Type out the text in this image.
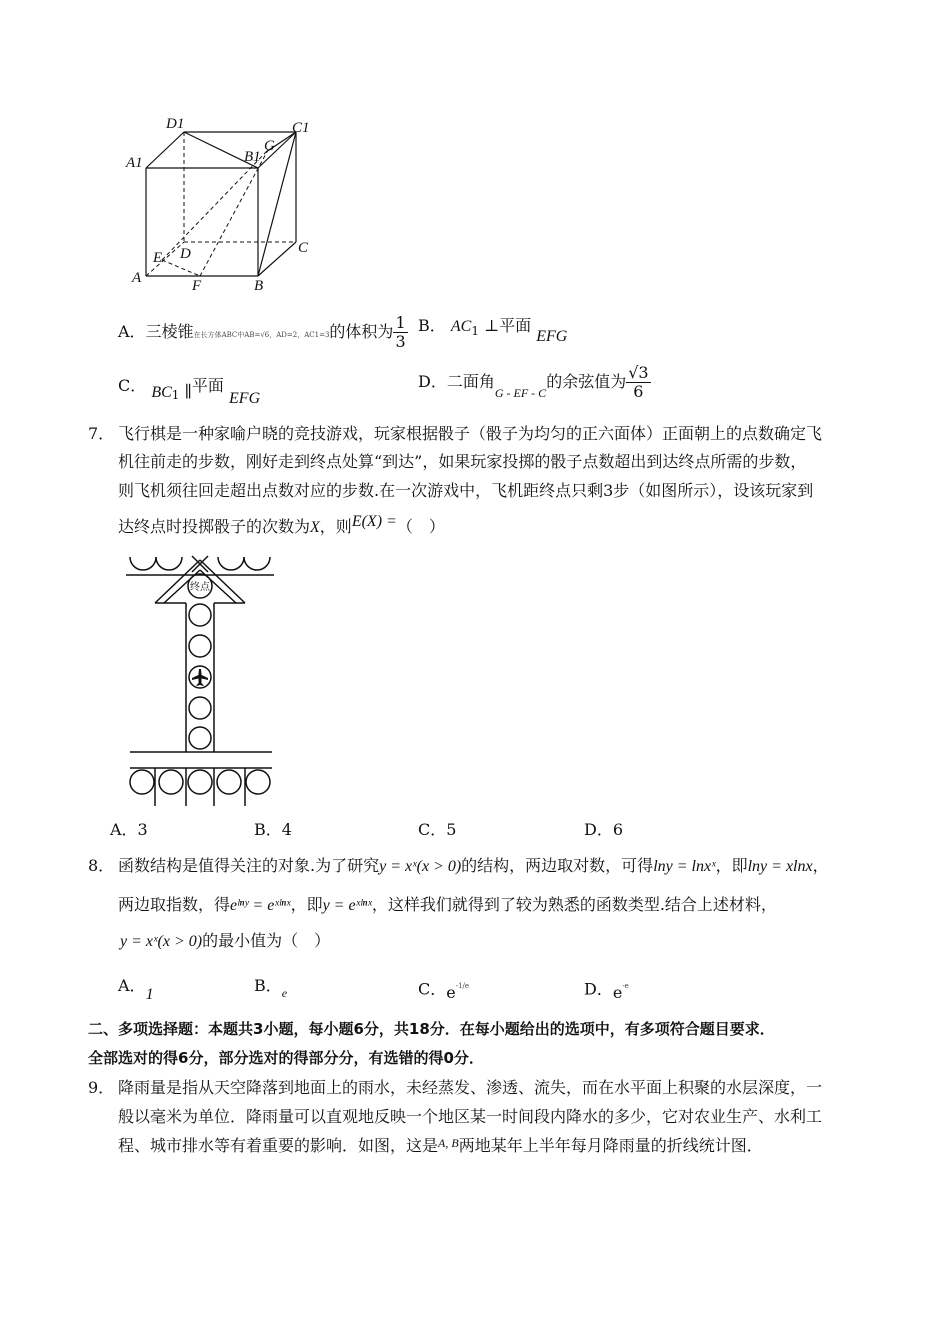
D1	C1
A1	B1
G
E D	C
A	F	B
A．三棱锥在长方体ABC中AB=√6，AD=2，AC1=3的体积为 $\frac{1}{3}$ B． $AC_1$ ⊥平面 EFG
C． $BC_1$ ∥平面 EFG
D．二面角$_{G - EF - C}$的余弦值为 $\frac{√3}{6}$
7． 飞行棋是一种家喻户晓的竞技游戏，玩家根据骰子（骰子为均匀的正六面体）正面朝上的点数确定飞
机往前走的步数，刚好走到终点处算“到达”，如果玩家投掷的骰子点数超出到达终点所需的步数，
则飞机须往回走超出点数对应的步数.在一次游戏中，飞机距终点只剩3步（如图所示），设该玩家到
达终点时投掷骰子的次数为X，则E(X) =（　）
终点
A．3	B．4	C．5	D．6
8． 函数结构是值得关注的对象.为了研究y = xˣ(x > 0)的结构，两边取对数，可得lny = lnxˣ，即lny = xlnx，
两边取指数，得eˡⁿʸ = eˣˡⁿˣ，即y = eˣˡⁿˣ，这样我们就得到了较为熟悉的函数类型.结合上述材料，
y = xˣ(x > 0)的最小值为（　）
A．1	B．$_e$	C．$e^{-1/e}$	D．$e^{-e}$
二、多项选择题：本题共3小题，每小题6分，共18分．在每小题给出的选项中，有多项符合题目要求．
全部选对的得6分，部分选对的得部分分，有选错的得0分．
9． 降雨量是指从天空降落到地面上的雨水，未经蒸发、渗透、流失，而在水平面上积聚的水层深度，一
般以毫米为单位．降雨量可以直观地反映一个地区某一时间段内降水的多少，它对农业生产、水利工
程、城市排水等有着重要的影响．如图，这是$^{A, B}$两地某年上半年每月降雨量的折线统计图．
